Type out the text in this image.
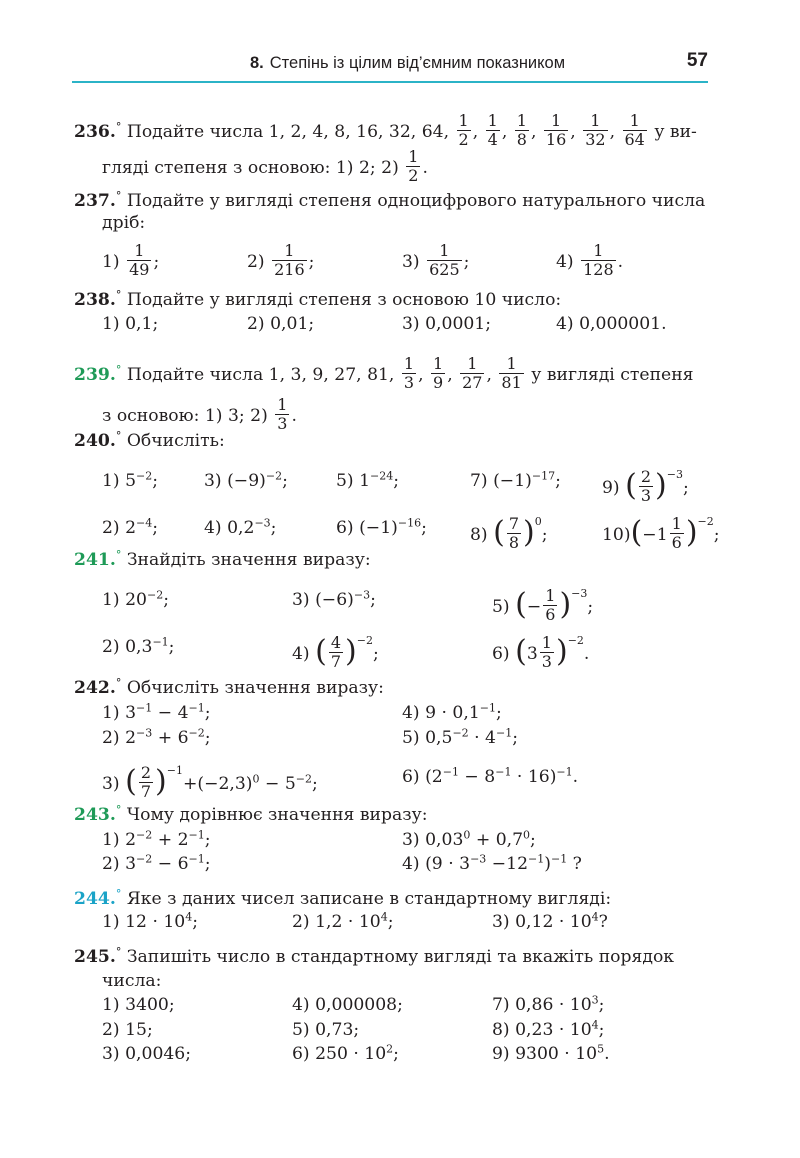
8. Степінь із цілим від’ємним показником	57
236.° Подайте числа 1, 2, 4, 8, 16, 32, 64, $\frac{1}{2}$ , $\frac{1}{4}$ , $\frac{1}{8}$ , $\frac{1}{16}$ , $\frac{1}{32}$ , $\frac{1}{64}$ у ви-
гляді степеня з основою: 1) 2; $2) \frac{1}{2}$ .
237.° Подайте у вигляді степеня одноцифрового натурального числа
дріб:
$1) \frac{1}{49}$ ;	$2) \frac{1}{216}$ ;	$3) \frac{1}{625}$ ;	$4) \frac{1}{128}$ .
238.° Подайте у вигляді степеня з основою 10 число:
1) 0,1;	2) 0,01;	3) 0,0001;	4) 0,000001.
239.° Подайте числа 1, 3, 9, 27, 81, $\frac{1}{3}$ , $\frac{1}{9}$ , $\frac{1}{27}$ , $\frac{1}{81}$ у вигляді степеня
з основою: 1) 3; $2) \frac{1}{3}$ .
240.° Обчисліть:
1) $5^{-2}$;	3) $(-9)^{-2}$;	5) $1^{-24}$;	7) $(-1)^{-17}$; 9) ( $\frac{2}{3} )^{-3}$;
2) $2^{-4}$;	4) $0,2^{-3}$;	6) $(-1)^{-16}$;	8) ( $\frac{7}{8} )^0$;	$10)(-1 \frac{1}{6} )^{-2}$;
241.° Знайдіть значення виразу:
1) $20^{-2}$;	3) $(-6)^{-3}$;	5) (− $\frac{1}{6} )^{-3}$;
2) $0,3^{-1}$;	4) ( $\frac{4}{7} )^{-2}$;	6) $(3 \frac{1}{3} )^{-2}$.
242.° Обчисліть значення виразу:
1) $3^{-1} - 4^{-1}$;	4) $9 \cdot 0,1^{-1}$;
2) $2^{-3} + 6^{-2}$;	5) $0,5^{-2} \cdot 4^{-1}$;
3) ( $\frac{2}{7} )^{-1}+(-2,3)^0 - 5^{-2}$;	6) $(2^{-1} - 8^{-1} \cdot 16)^{-1}$.
243.° Чому дорівнює значення виразу:
1) $2^{-2} + 2^{-1}$;	3) $0,03^0 + 0,7^0$;
2) $3^{-2} - 6^{-1}$;	4) $(9 \cdot 3^{-3} -12^{-1})^{-1}$ ?
244.° Яке з даних чисел записане в стандартному вигляді:
1) $12 \cdot 10^4$;	2) $1,2 \cdot 10^4$;	3) $0,12 \cdot 10^4$?
245.° Запишіть число в стандартному вигляді та вкажіть порядок
числа:
1) 3400;	4) 0,000008;	7) $0,86 \cdot 10^3$;
2) 15;	5) 0,73;	8) $0,23 \cdot 10^4$;
3) 0,0046;	6) $250 \cdot 10^2$;	9) $9300 \cdot 10^5$.
